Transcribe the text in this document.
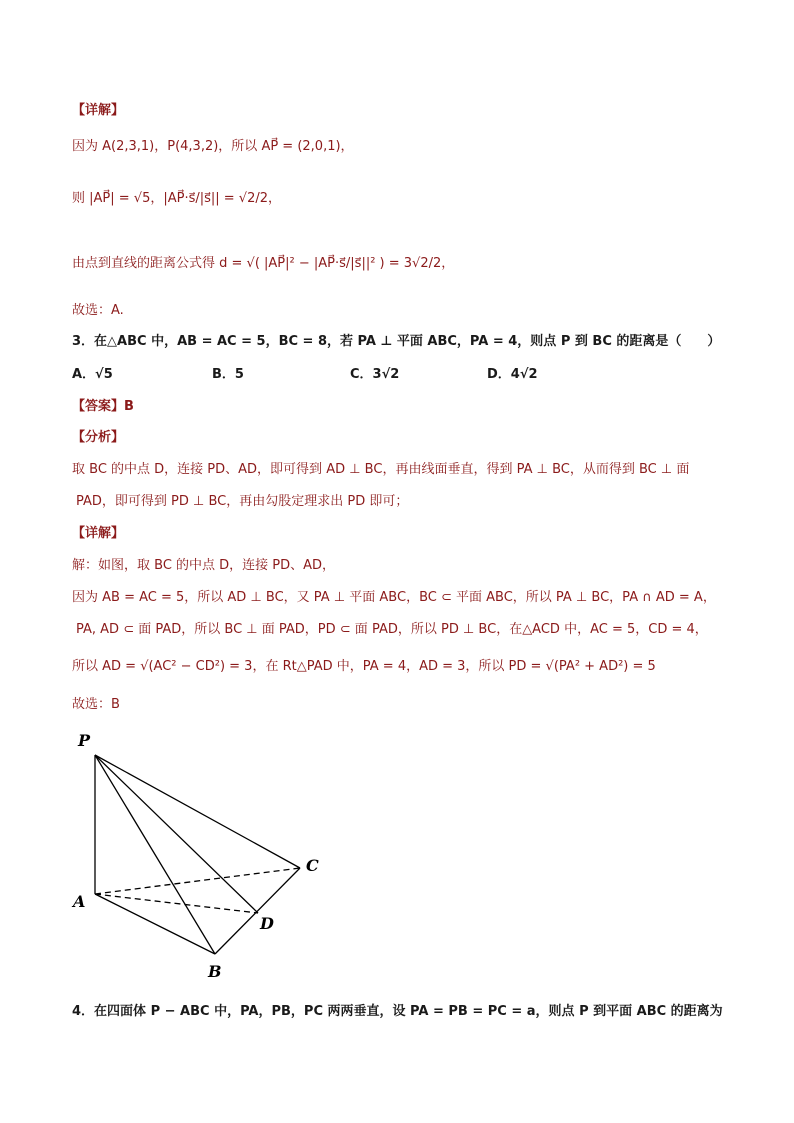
【详解】
因为 A(2,3,1)，P(4,3,2)，所以 AP⃗ = (2,0,1)，
则 |AP⃗| = √5，|AP⃗·s⃗/|s⃗|| = √2/2，
由点到直线的距离公式得 d = √( |AP⃗|² − |AP⃗·s⃗/|s⃗||² ) = 3√2/2，
故选：A.
3．在△ABC 中，AB = AC = 5，BC = 8，若 PA ⊥ 平面 ABC，PA = 4，则点 P 到 BC 的距离是（　　）
A．√5	B．5	C．3√2	D．4√2
【答案】B
【分析】
取 BC 的中点 D，连接 PD、AD，即可得到 AD ⊥ BC，再由线面垂直，得到 PA ⊥ BC，从而得到 BC ⊥ 面
PAD，即可得到 PD ⊥ BC，再由勾股定理求出 PD 即可；
【详解】
解：如图，取 BC 的中点 D，连接 PD、AD，
因为 AB = AC = 5，所以 AD ⊥ BC，又 PA ⊥ 平面 ABC，BC ⊂ 平面 ABC，所以 PA ⊥ BC，PA ∩ AD = A，
PA, AD ⊂ 面 PAD，所以 BC ⊥ 面 PAD，PD ⊂ 面 PAD，所以 PD ⊥ BC，在△ACD 中，AC = 5，CD = 4，
所以 AD = √(AC² − CD²) = 3，在 Rt△PAD 中，PA = 4，AD = 3，所以 PD = √(PA² + AD²) = 5
故选：B
P
A
B
C
D
4．在四面体 P − ABC 中，PA，PB，PC 两两垂直，设 PA = PB = PC = a，则点 P 到平面 ABC 的距离为
